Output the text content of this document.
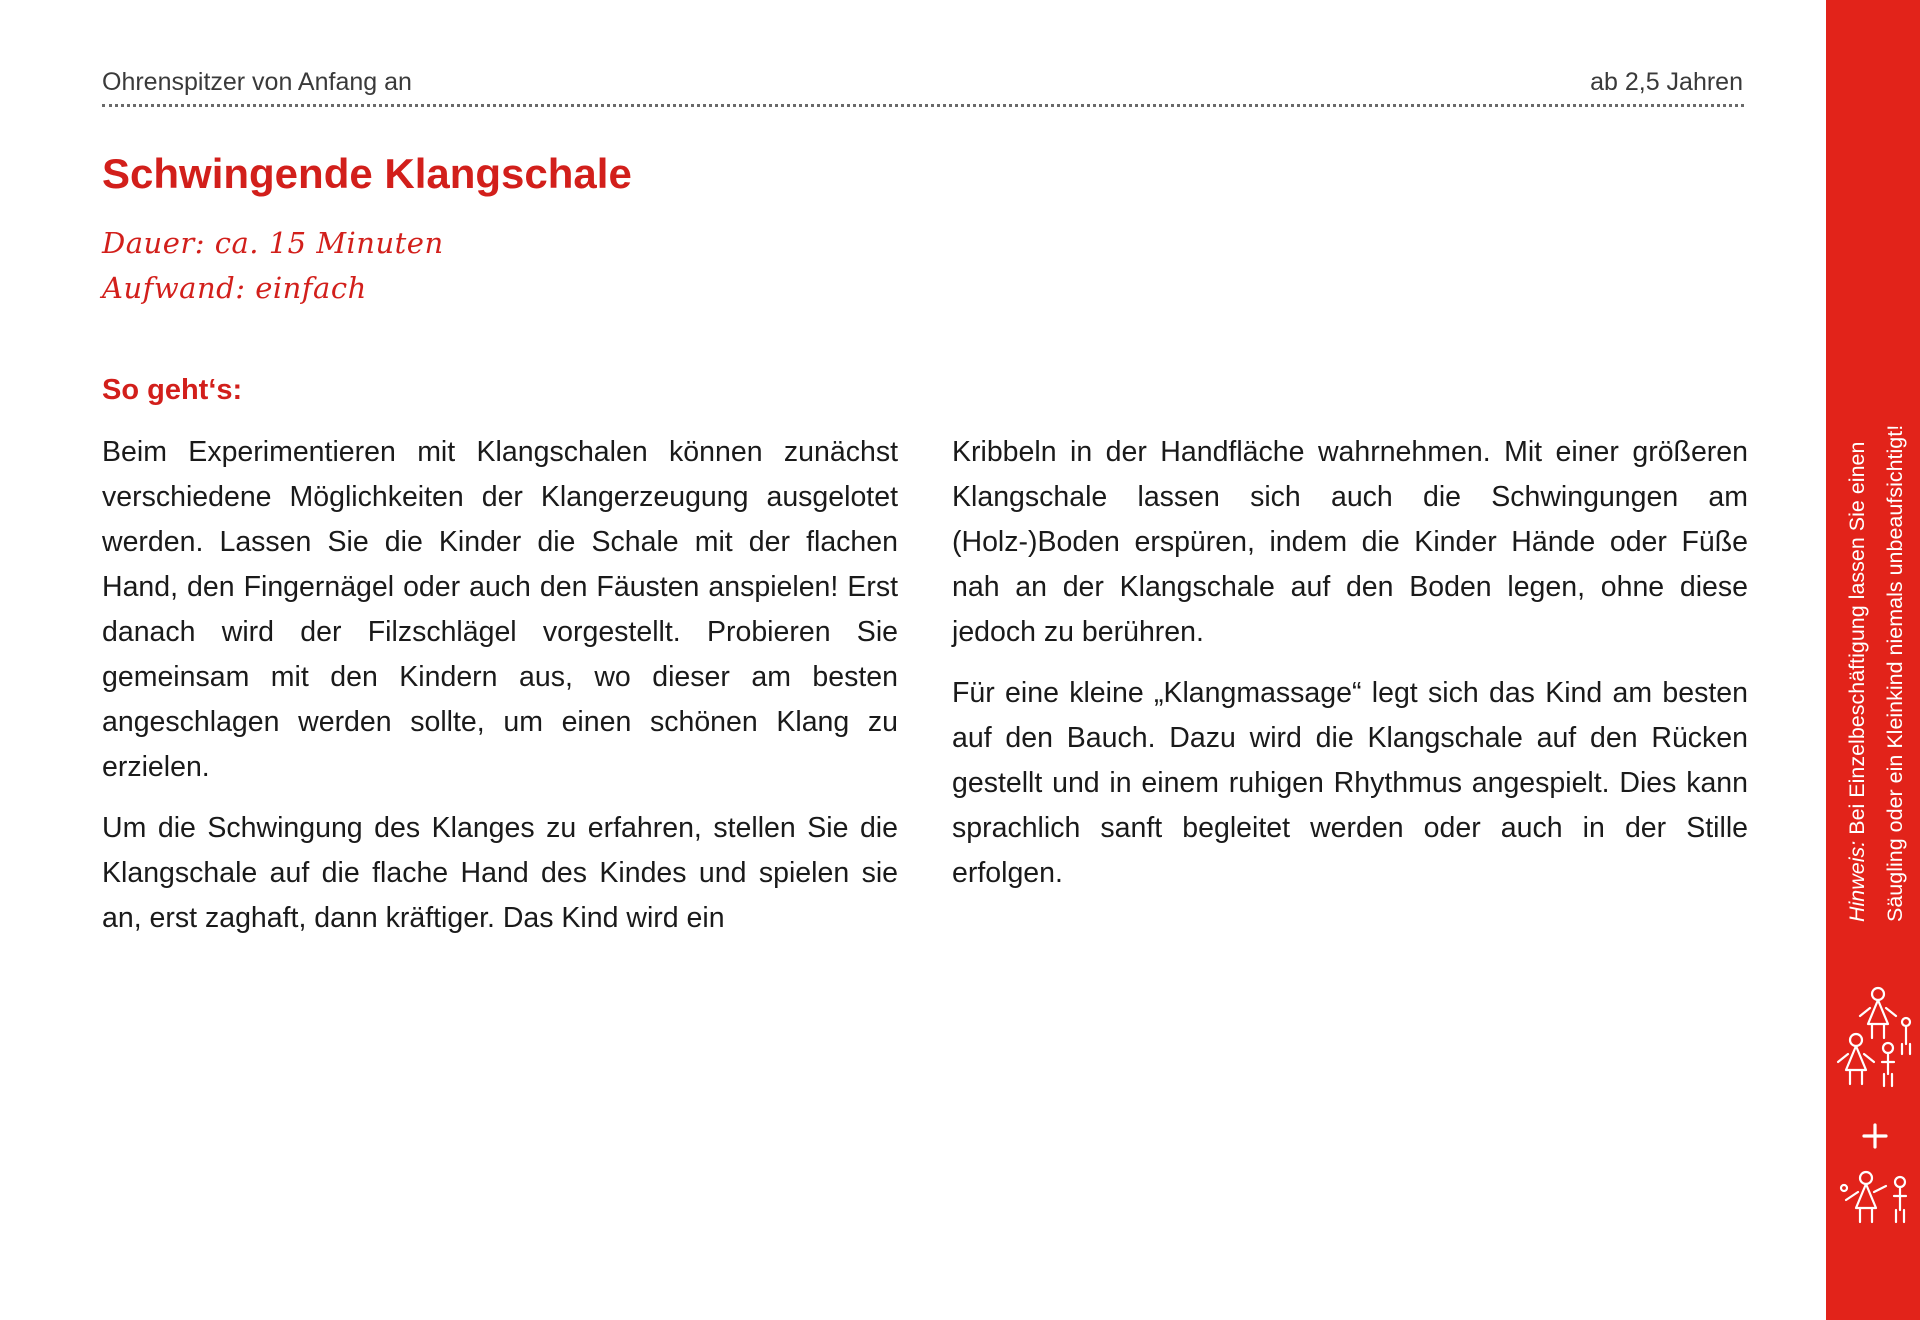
Ohrenspitzer von Anfang an	ab 2,5 Jahren
Schwingende Klangschale
Dauer: ca. 15 Minuten
Aufwand: einfach
So geht‘s:

Beim Experimentieren mit Klangschalen können zunächst verschiedene Möglichkeiten der Klangerzeugung ausgelotet werden. Lassen Sie die Kinder die Schale mit der flachen Hand, den Fingernägel oder auch den Fäusten anspielen! Erst danach wird der Filzschlägel vorgestellt. Probieren Sie gemeinsam mit den Kindern aus, wo dieser am besten angeschlagen werden sollte, um einen schönen Klang zu erzielen.

Um die Schwingung des Klanges zu erfahren, stellen Sie die Klangschale auf die flache Hand des Kindes und spielen sie an, erst zaghaft, dann kräftiger. Das Kind wird ein

Kribbeln in der Handfläche wahrnehmen. Mit einer größeren Klangschale lassen sich auch die Schwingungen am (Holz-)Boden erspüren, indem die Kinder Hände oder Füße nah an der Klangschale auf den Boden legen, ohne diese jedoch zu berühren.

Für eine kleine „Klangmassage“ legt sich das Kind am besten auf den Bauch. Dazu wird die Klangschale auf den Rücken gestellt und in einem ruhigen Rhythmus angespielt. Dies kann sprachlich sanft begleitet werden oder auch in der Stille erfolgen.	Hinweis: Bei Einzelbeschäftigung lassen Sie einen Säugling oder ein Kleinkind niemals unbeaufsichtigt!
